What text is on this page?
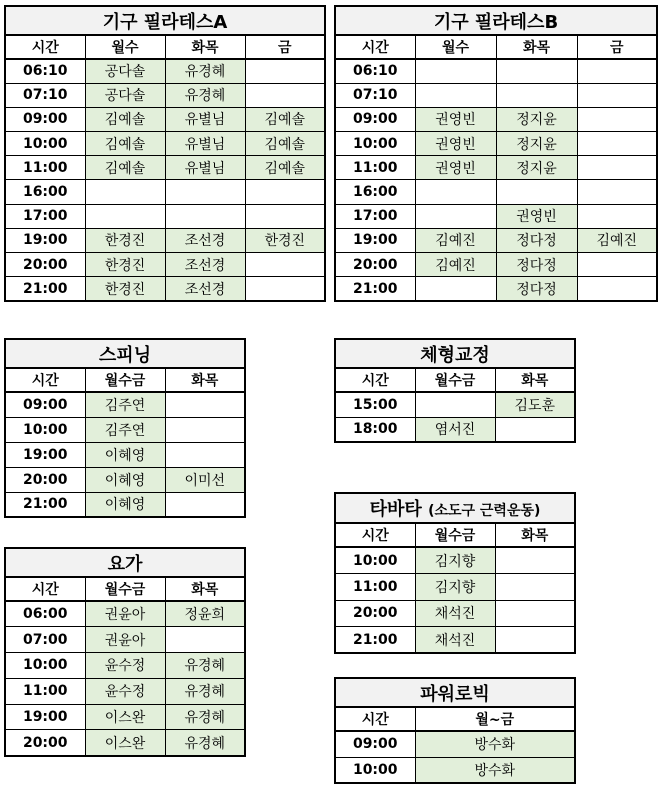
기구 필라테스A			
시간	월수	화목	금
06:10	공다솔	유경혜	
07:10	공다솔	유경혜	
09:00	김예솔	유별님	김예솔
10:00	김예솔	유별님	김예솔
11:00	김예솔	유별님	김예솔
16:00			
17:00			
19:00	한경진	조선경	한경진
20:00	한경진	조선경	
21:00	한경진	조선경	
기구 필라테스B			
시간	월수	화목	금
06:10			
07:10			
09:00	권영빈	정지윤	
10:00	권영빈	정지윤	
11:00	권영빈	정지윤	
16:00			
17:00		권영빈	
19:00	김예진	정다정	김예진
20:00	김예진	정다정	
21:00		정다정	
스피닝		
시간	월수금	화목
09:00	김주연	
10:00	김주연	
19:00	이혜영	
20:00	이혜영	이미선
21:00	이혜영	
요가		
시간	월수금	화목
06:00	권윤아	정윤희
07:00	권윤아	
10:00	윤수정	유경혜
11:00	윤수정	유경혜
19:00	이스완	유경혜
20:00	이스완	유경혜
체형교정		
시간	월수금	화목
15:00		김도훈
18:00	염서진	
타바타 (소도구 근력운동)		
시간	월수금	화목
10:00	김지향	
11:00	김지향	
20:00	채석진	
21:00	채석진	
파워로빅	
시간	월~금
09:00	방수화
10:00	방수화
